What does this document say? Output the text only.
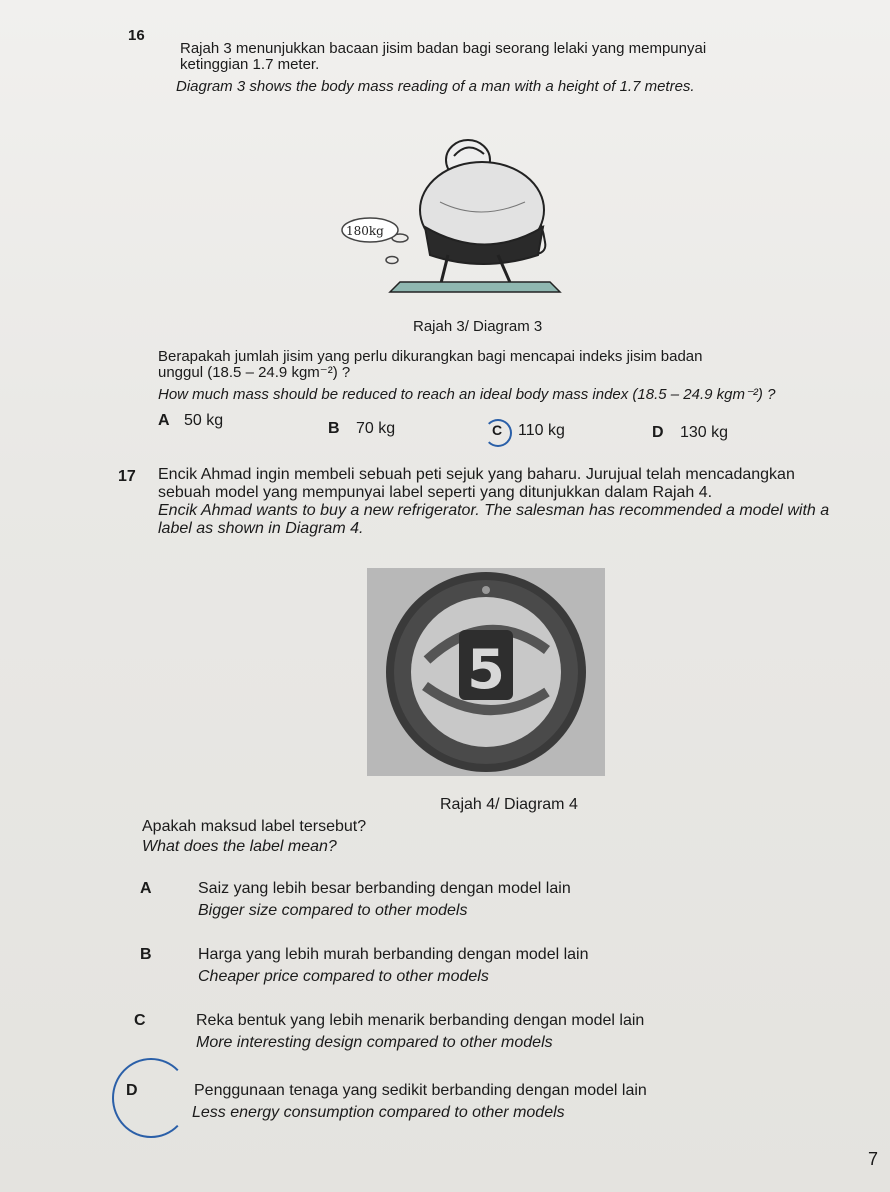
16
Rajah 3 menunjukkan bacaan jisim badan bagi seorang lelaki yang mempunyai
ketinggian 1.7 meter.
Diagram 3 shows the body mass reading of a man with a height of 1.7 metres.
180kg
Rajah 3/ Diagram 3
Berapakah jumlah jisim yang perlu dikurangkan bagi mencapai indeks jisim badan
unggul (18.5 – 24.9 kgm⁻²) ?
How much mass should be reduced to reach an ideal body mass index (18.5 – 24.9 kgm⁻²) ?
A 50 kg	B 70 kg	C 110 kg	D 130 kg
17 Encik Ahmad ingin membeli sebuah peti sejuk yang baharu. Jurujual telah mencadangkan
sebuah model yang mempunyai label seperti yang ditunjukkan dalam Rajah 4.
Encik Ahmad wants to buy a new refrigerator. The salesman has recommended a model with a
label as shown in Diagram 4.
5
Rajah 4/ Diagram 4
Apakah maksud label tersebut?
What does the label mean?
A	Saiz yang lebih besar berbanding dengan model lain
Bigger size compared to other models
B	Harga yang lebih murah berbanding dengan model lain
Cheaper price compared to other models
C	Reka bentuk yang lebih menarik berbanding dengan model lain
More interesting design compared to other models
D	Penggunaan tenaga yang sedikit berbanding dengan model lain
Less energy consumption compared to other models
7
